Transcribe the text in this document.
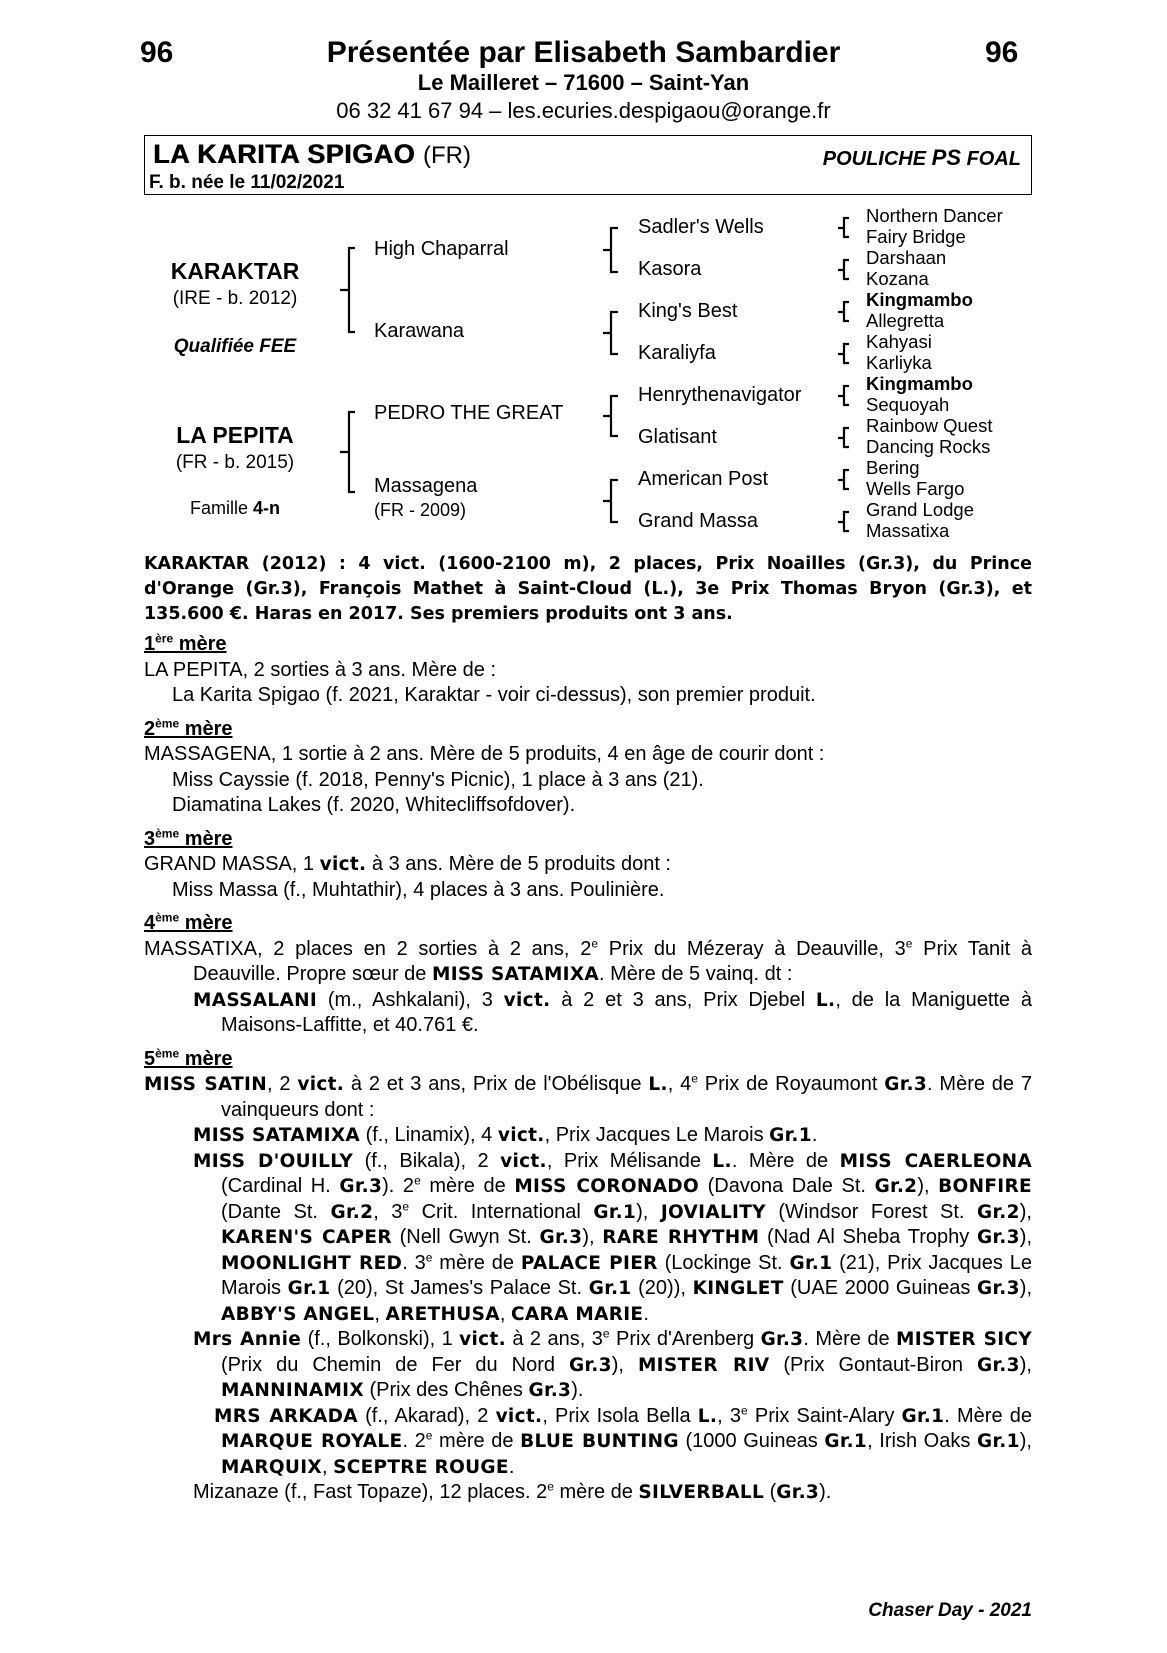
96	96
Présentée par Elisabeth Sambardier
Le Mailleret – 71600 – Saint-Yan
06 32 41 67 94 – les.ecuries.despigaou@orange.fr
LA KARITA SPIGAO (FR)	POULICHE PS FOAL
F. b. née le 11/02/2021
KARAKTAR
(IRE - b. 2012)
Qualifiée FEE
LA PEPITA
(FR - b. 2015)
Famille 4-n
High Chaparral
Karawana
PEDRO THE GREAT
Massagena
(FR - 2009)
Sadler's Wells
Kasora
King's Best
Karaliyfa
Henrythenavigator
Glatisant
American Post
Grand Massa
Northern Dancer
Fairy Bridge
Darshaan
Kozana
Kingmambo
Allegretta
Kahyasi
Karliyka
Kingmambo
Sequoyah
Rainbow Quest
Dancing Rocks
Bering
Wells Fargo
Grand Lodge
Massatixa
KARAKTAR (2012) : 4 vict. (1600-2100 m), 2 places, Prix Noailles (Gr.3), du Prince d'Orange (Gr.3), François Mathet à Saint-Cloud (L.), 3e Prix Thomas Bryon (Gr.3), et 135.600 €. Haras en 2017. Ses premiers produits ont 3 ans.

1ère mère

LA PEPITA, 2 sorties à 3 ans. Mère de :

La Karita Spigao (f. 2021, Karaktar - voir ci-dessus), son premier produit.

2ème mère

MASSAGENA, 1 sortie à 2 ans. Mère de 5 produits, 4 en âge de courir dont :

Miss Cayssie (f. 2018, Penny's Picnic), 1 place à 3 ans (21).

Diamatina Lakes (f. 2020, Whitecliffsofdover).

3ème mère

GRAND MASSA, 1 vict. à 3 ans. Mère de 5 produits dont :

Miss Massa (f., Muhtathir), 4 places à 3 ans. Poulinière.

4ème mère

MASSATIXA, 2 places en 2 sorties à 2 ans, 2e Prix du Mézeray à Deauville, 3e Prix Tanit à Deauville. Propre sœur de MISS SATAMIXA. Mère de 5 vainq. dt :

MASSALANI (m., Ashkalani), 3 vict. à 2 et 3 ans, Prix Djebel L., de la Maniguette à Maisons-Laffitte, et 40.761 €.

5ème mère

MISS SATIN, 2 vict. à 2 et 3 ans, Prix de l'Obélisque L., 4e Prix de Royaumont Gr.3. Mère de 7 vainqueurs dont :

MISS SATAMIXA (f., Linamix), 4 vict., Prix Jacques Le Marois Gr.1.

MISS D'OUILLY (f., Bikala), 2 vict., Prix Mélisande L.. Mère de MISS CAERLEONA (Cardinal H. Gr.3). 2e mère de MISS CORONADO (Davona Dale St. Gr.2), BONFIRE (Dante St. Gr.2, 3e Crit. International Gr.1), JOVIALITY (Windsor Forest St. Gr.2), KAREN'S CAPER (Nell Gwyn St. Gr.3), RARE RHYTHM (Nad Al Sheba Trophy Gr.3), MOONLIGHT RED. 3e mère de PALACE PIER (Lockinge St. Gr.1 (21), Prix Jacques Le Marois Gr.1 (20), St James's Palace St. Gr.1 (20)), KINGLET (UAE 2000 Guineas Gr.3), ABBY'S ANGEL, ARETHUSA, CARA MARIE.

Mrs Annie (f., Bolkonski), 1 vict. à 2 ans, 3e Prix d'Arenberg Gr.3. Mère de MISTER SICY (Prix du Chemin de Fer du Nord Gr.3), MISTER RIV (Prix Gontaut-Biron Gr.3), MANNINAMIX (Prix des Chênes Gr.3).

MRS ARKADA (f., Akarad), 2 vict., Prix Isola Bella L., 3e Prix Saint-Alary Gr.1. Mère de MARQUE ROYALE. 2e mère de BLUE BUNTING (1000 Guineas Gr.1, Irish Oaks Gr.1), MARQUIX, SCEPTRE ROUGE.

Mizanaze (f., Fast Topaze), 12 places. 2e mère de SILVERBALL (Gr.3).

Chaser Day - 2021
